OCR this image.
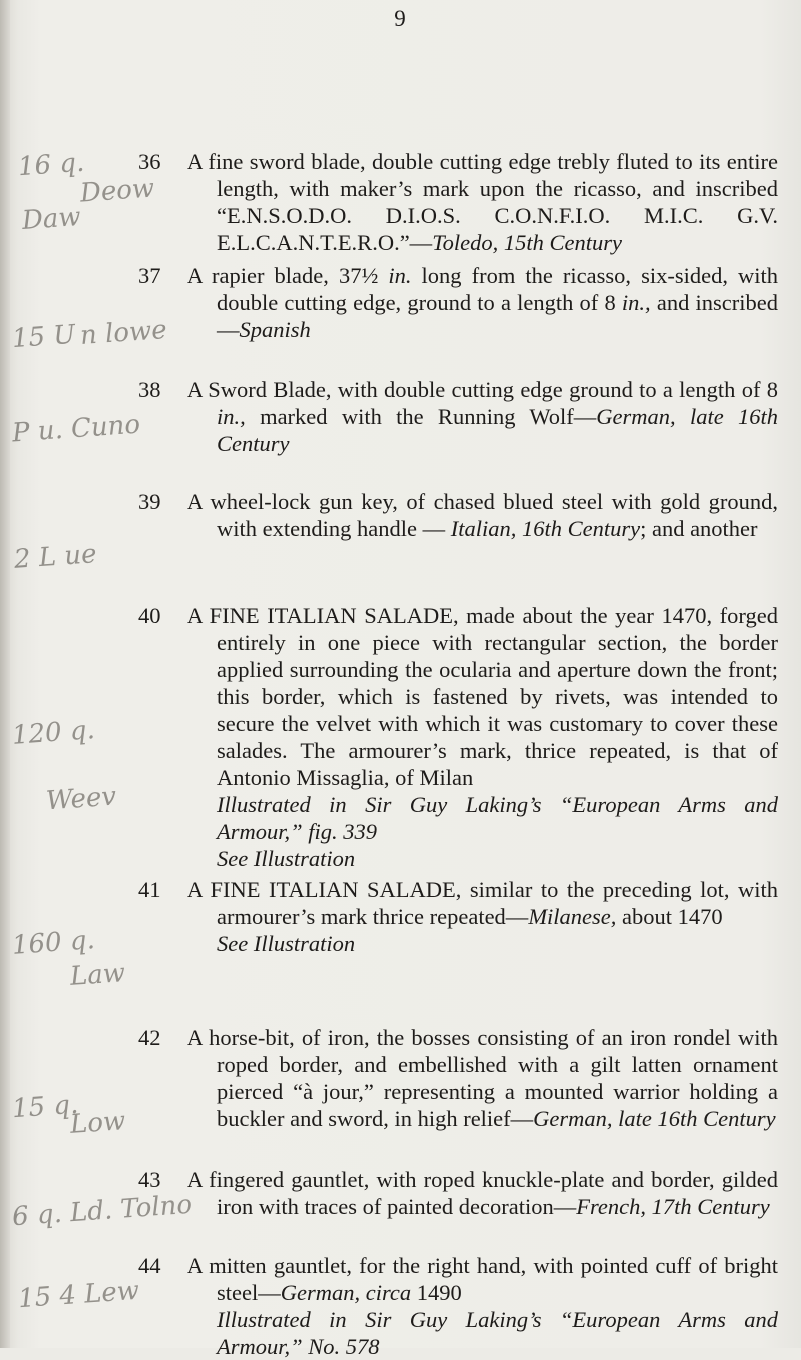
9
36	A fine sword blade, double cutting edge trebly fluted to its entire length, with maker’s mark upon the ricasso, and inscribed “E.N.S.O.D.O. D.I.O.S. C.O.N.F.I.O. M.I.C. G.V. E.L.C.A.N.T.E.R.O.”—Toledo, 15th Century
37	A rapier blade, 37½ in. long from the ricasso, six-sided, with double cutting edge, ground to a length of 8 in., and inscribed—Spanish
38	A Sword Blade, with double cutting edge ground to a length of 8 in., marked with the Running Wolf—German, late 16th Century
39	A wheel-lock gun key, of chased blued steel with gold ground, with extending handle — Italian, 16th Century; and another
40	A FINE ITALIAN SALADE, made about the year 1470, forged entirely in one piece with rectangular section, the border applied surrounding the ocularia and aperture down the front; this border, which is fastened by rivets, was intended to secure the velvet with which it was customary to cover these salades. The armourer’s mark, thrice repeated, is that of Antonio Missaglia, of Milan
Illustrated in Sir Guy Laking’s “European Arms and Armour,” fig. 339
See Illustration
41	A FINE ITALIAN SALADE, similar to the preceding lot, with armourer’s mark thrice repeated—Milanese, about 1470
See Illustration
42	A horse-bit, of iron, the bosses consisting of an iron rondel with roped border, and embellished with a gilt latten ornament pierced “à jour,” representing a mounted warrior holding a buckler and sword, in high relief—German, late 16th Century
43	A fingered gauntlet, with roped knuckle-plate and border, gilded iron with traces of painted decoration—French, 17th Century
44	A mitten gauntlet, for the right hand, with pointed cuff of bright steel—German, circa 1490
Illustrated in Sir Guy Laking’s “European Arms and Armour,” No. 578
16 q.
Deow
Daw
15 U n lowe
P u. Cuno
2 L ue
120 q.
Weev
160 q.
Law
15 q.
Low
6 q. Ld. Tolno
15 4 Lew
